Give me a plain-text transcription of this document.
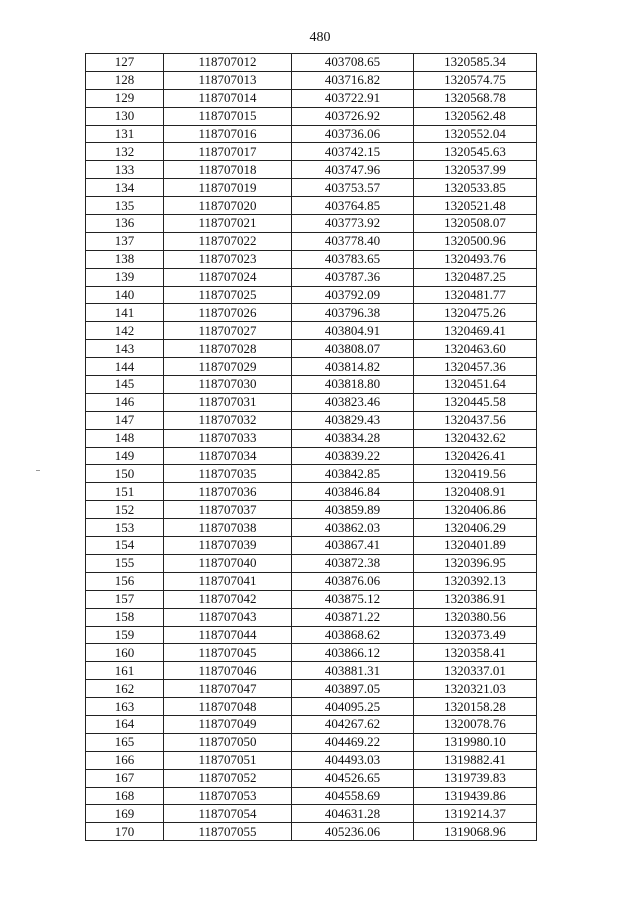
480
127	118707012	403708.65	1320585.34
128	118707013	403716.82	1320574.75
129	118707014	403722.91	1320568.78
130	118707015	403726.92	1320562.48
131	118707016	403736.06	1320552.04
132	118707017	403742.15	1320545.63
133	118707018	403747.96	1320537.99
134	118707019	403753.57	1320533.85
135	118707020	403764.85	1320521.48
136	118707021	403773.92	1320508.07
137	118707022	403778.40	1320500.96
138	118707023	403783.65	1320493.76
139	118707024	403787.36	1320487.25
140	118707025	403792.09	1320481.77
141	118707026	403796.38	1320475.26
142	118707027	403804.91	1320469.41
143	118707028	403808.07	1320463.60
144	118707029	403814.82	1320457.36
145	118707030	403818.80	1320451.64
146	118707031	403823.46	1320445.58
147	118707032	403829.43	1320437.56
148	118707033	403834.28	1320432.62
149	118707034	403839.22	1320426.41
150	118707035	403842.85	1320419.56
151	118707036	403846.84	1320408.91
152	118707037	403859.89	1320406.86
153	118707038	403862.03	1320406.29
154	118707039	403867.41	1320401.89
155	118707040	403872.38	1320396.95
156	118707041	403876.06	1320392.13
157	118707042	403875.12	1320386.91
158	118707043	403871.22	1320380.56
159	118707044	403868.62	1320373.49
160	118707045	403866.12	1320358.41
161	118707046	403881.31	1320337.01
162	118707047	403897.05	1320321.03
163	118707048	404095.25	1320158.28
164	118707049	404267.62	1320078.76
165	118707050	404469.22	1319980.10
166	118707051	404493.03	1319882.41
167	118707052	404526.65	1319739.83
168	118707053	404558.69	1319439.86
169	118707054	404631.28	1319214.37
170	118707055	405236.06	1319068.96
